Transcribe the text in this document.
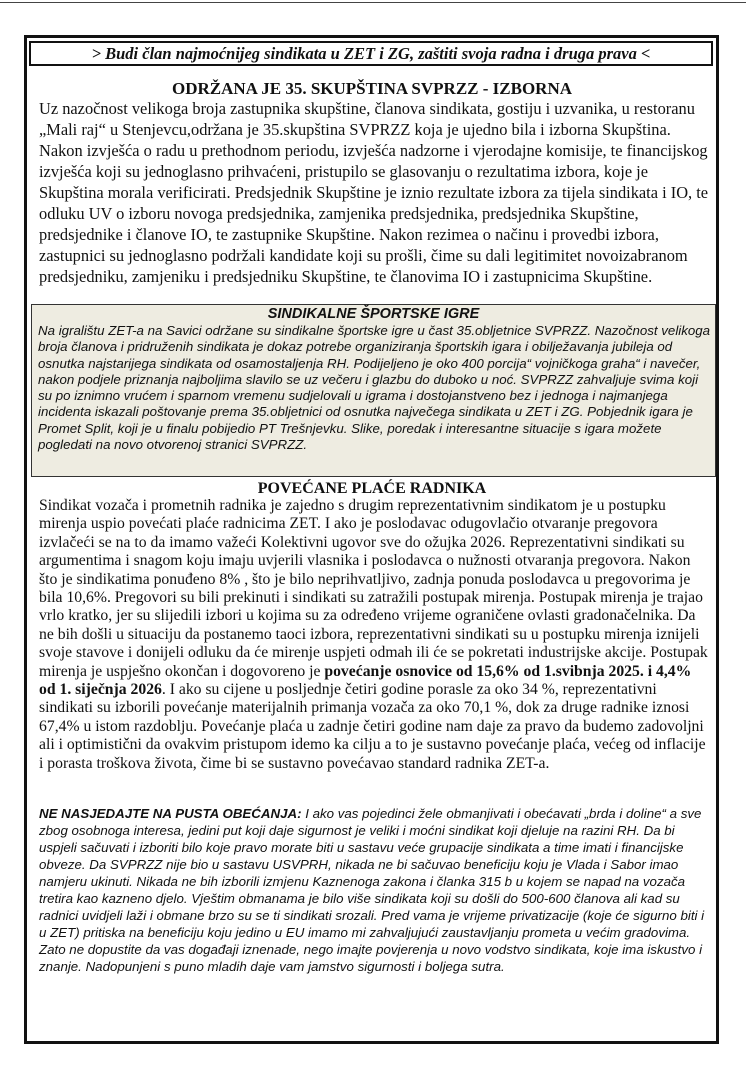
> Budi član najmoćnijeg sindikata u ZET i ZG, zaštiti svoja radna i druga prava <
ODRŽANA JE 35. SKUPŠTINA SVPRZZ - IZBORNA
Uz nazočnost velikoga broja zastupnika skupštine, članova sindikata, gostiju i uzvanika, u restoranu „Mali raj“ u Stenjevcu,održana je 35.skupština SVPRZZ koja je ujedno bila i izborna Skupština. Nakon izvješća o radu u prethodnom periodu, izvješća nadzorne i vjerodajne komisije, te financijskog izvješća koji su jednoglasno prihvaćeni, pristupilo se glasovanju o rezultatima izbora, koje je Skupština morala verificirati. Predsjednik Skupštine je iznio rezultate izbora za tijela sindikata i IO, te odluku UV o izboru novoga predsjednika, zamjenika predsjednika, predsjednika Skupštine, predsjednike i članove IO, te zastupnike Skupštine. Nakon rezimea o načinu i provedbi izbora, zastupnici su jednoglasno podržali kandidate koji su prošli, čime su dali legitimitet novoizabranom predsjedniku, zamjeniku i predsjedniku Skupštine, te članovima IO i zastupnicima Skupštine.
SINDIKALNE ŠPORTSKE IGRE
Na igralištu ZET-a na Savici održane su sindikalne športske igre u čast 35.obljetnice SVPRZZ. Nazočnost velikoga broja članova i pridruženih sindikata je dokaz potrebe organiziranja športskih igara i obilježavanja jubileja od osnutka najstarijega sindikata od osamostaljenja RH. Podijeljeno je oko 400 porcija“ vojničkoga graha“ i navečer, nakon podjele priznanja najboljima slavilo se uz večeru i glazbu do duboko u noć. SVPRZZ zahvaljuje svima koji su po iznimno vrućem i sparnom vremenu sudjelovali u igrama i dostojanstveno bez i jednoga i najmanjega incidenta iskazali poštovanje prema 35.obljetnici od osnutka največega sindikata u ZET i ZG. Pobjednik igara je Promet Split, koji je u finalu pobijedio PT Trešnjevku. Slike, poredak i interesantne situacije s igara možete pogledati na novo otvorenoj stranici SVPRZZ.
POVEĆANE PLAĆE RADNIKA
Sindikat vozača i prometnih radnika je zajedno s drugim reprezentativnim sindikatom je u postupku mirenja uspio povećati plaće radnicima ZET. I ako je poslodavac odugovlačio otvaranje pregovora izvlačeći se na to da imamo važeći Kolektivni ugovor sve do ožujka 2026. Reprezentativni sindikati su argumentima i snagom koju imaju uvjerili vlasnika i poslodavca o nužnosti otvaranja pregovora. Nakon što je sindikatima ponuđeno 8% , što je bilo neprihvatljivo, zadnja ponuda poslodavca u pregovorima je bila 10,6%. Pregovori su bili prekinuti i sindikati su zatražili postupak mirenja. Postupak mirenja je trajao vrlo kratko, jer su slijedili izbori u kojima su za određeno vrijeme ograničene ovlasti gradonačelnika. Da ne bih došli u situaciju da postanemo taoci izbora, reprezentativni sindikati su u postupku mirenja iznijeli svoje stavove i donijeli odluku da će mirenje uspjeti odmah ili će se pokretati industrijske akcije. Postupak mirenja je uspješno okončan i dogovoreno je povećanje osnovice od 15,6% od 1.svibnja 2025. i 4,4% od 1. siječnja 2026. I ako su cijene u posljednje četiri godine porasle za oko 34 %, reprezentativni sindikati su izborili povećanje materijalnih primanja vozača za oko 70,1 %, dok za druge radnike iznosi 67,4% u istom razdoblju. Povećanje plaća u zadnje četiri godine nam daje za pravo da budemo zadovoljni ali i optimistični da ovakvim pristupom idemo ka cilju a to je sustavno povećanje plaća, većeg od inflacije i porasta troškova života, čime bi se sustavno povećavao standard radnika ZET-a.
NE NASJEDAJTE NA PUSTA OBEĆANJA: I ako vas pojedinci žele obmanjivati i obećavati „brda i doline“ a sve zbog osobnoga interesa, jedini put koji daje sigurnost je veliki i moćni sindikat koji djeluje na razini RH. Da bi uspjeli sačuvati i izboriti bilo koje pravo morate biti u sastavu veće grupacije sindikata a time imati i financijske obveze. Da SVPRZZ nije bio u sastavu USVPRH, nikada ne bi sačuvao beneficiju koju je Vlada i Sabor imao namjeru ukinuti. Nikada ne bih izborili izmjenu Kaznenoga zakona i članka 315 b u kojem se napad na vozača tretira kao kazneno djelo. Vještim obmanama je bilo više sindikata koji su došli do 500-600 članova ali kad su radnici uvidjeli laži i obmane brzo su se ti sindikati srozali. Pred vama je vrijeme privatizacije (koje će sigurno biti i u ZET) pritiska na beneficiju koju jedino u EU imamo mi zahvaljujući zaustavljanju prometa u većim gradovima. Zato ne dopustite da vas događaji iznenade, nego imajte povjerenja u novo vodstvo sindikata, koje ima iskustvo i znanje. Nadopunjeni s puno mladih daje vam jamstvo sigurnosti i boljega sutra.
